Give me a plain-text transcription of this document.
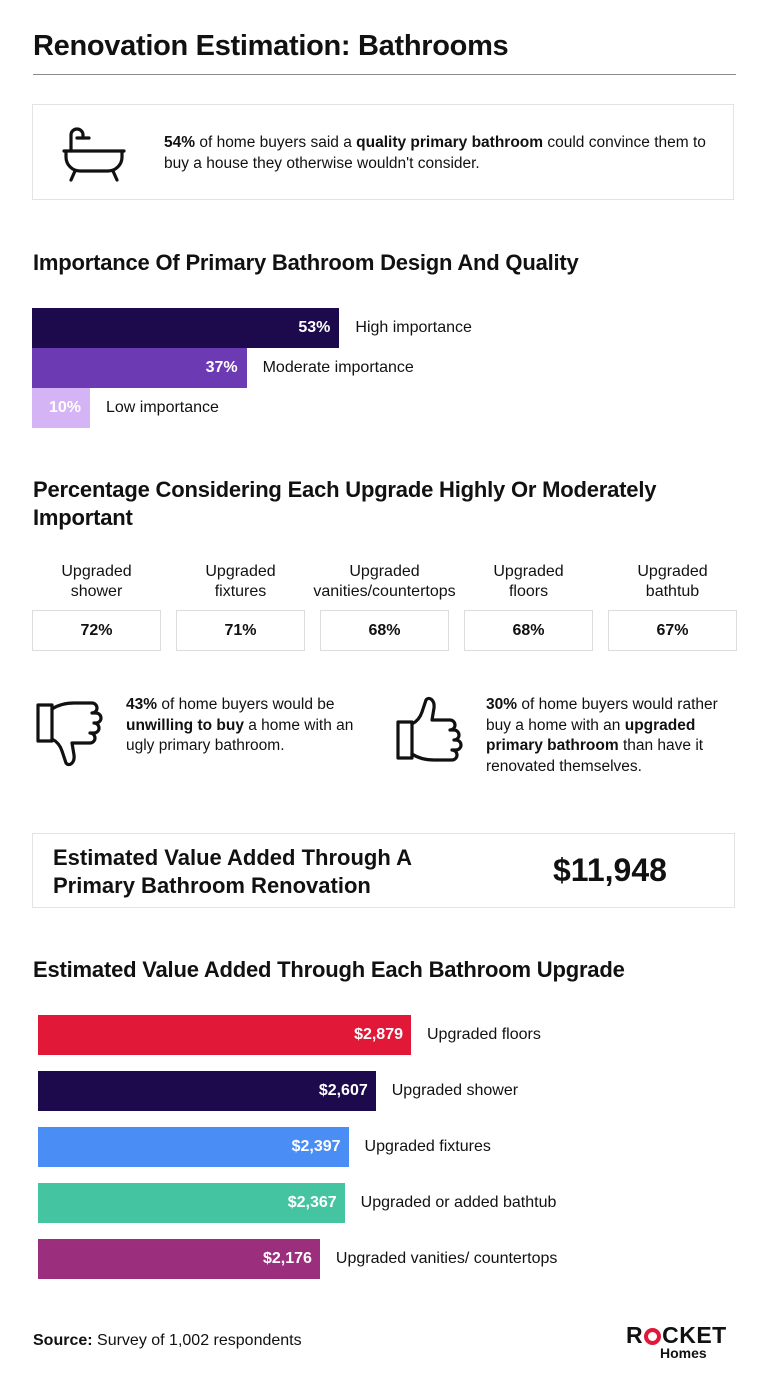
Renovation Estimation: Bathrooms
54% of home buyers said a quality primary bathroom could convince them to buy a house they otherwise wouldn't consider.
Importance Of Primary Bathroom Design And Quality
53% High importance
37% Moderate importance
10% Low importance
Percentage Considering Each Upgrade Highly Or Moderately Important
Upgraded
shower
72%
Upgraded
fixtures
71%
Upgraded
vanities/countertops
68%
Upgraded
floors
68%
Upgraded
bathtub
67%
43% of home buyers would be unwilling to buy a home with an ugly primary bathroom.
30% of home buyers would rather buy a home with an upgraded primary bathroom than have it renovated themselves.
Estimated Value Added Through A Primary Bathroom Renovation	$11,948
Estimated Value Added Through Each Bathroom Upgrade
$2,879 Upgraded floors
$2,607 Upgraded shower
$2,397 Upgraded fixtures
$2,367 Upgraded or added bathtub
$2,176 Upgraded vanities/ countertops
Source: Survey of 1,002 respondents	R CKET
Homes
